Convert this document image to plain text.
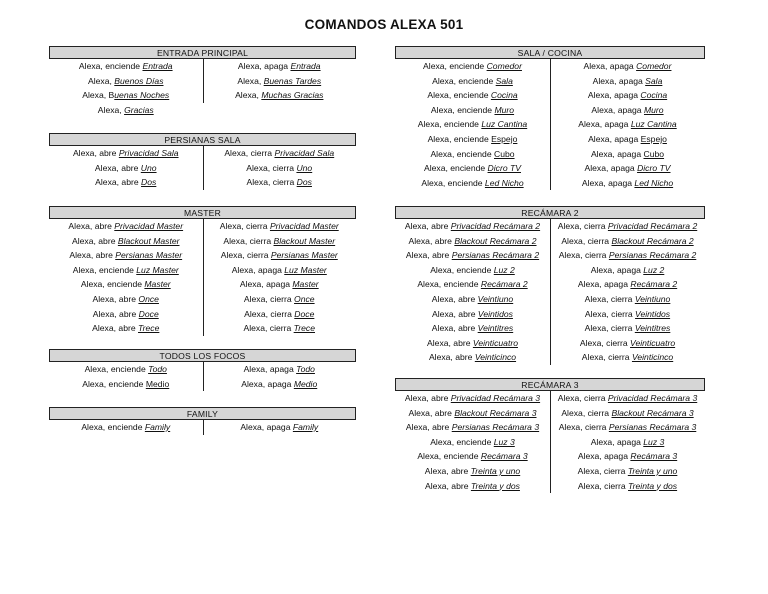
COMANDOS ALEXA 501
ENTRADA PRINCIPAL
Alexa, enciende Entrada
Alexa, Buenos Días
Alexa, Buenas Noches
Alexa, Gracias
Alexa, apaga Entrada
Alexa, Buenas Tardes
Alexa, Muchas Gracias
PERSIANAS SALA
Alexa, abre Privacidad Sala
Alexa, abre Uno
Alexa, abre Dos
Alexa, cierra Privacidad Sala
Alexa, cierra Uno
Alexa, cierra Dos
MASTER
Alexa, abre Privacidad Master
Alexa, abre Blackout Master
Alexa, abre Persianas Master
Alexa, enciende Luz Master
Alexa, enciende Master
Alexa, abre Once
Alexa, abre Doce
Alexa, abre Trece
Alexa, cierra Privacidad Master
Alexa, cierra Blackout Master
Alexa, cierra Persianas Master
Alexa, apaga Luz Master
Alexa, apaga Master
Alexa, cierra Once
Alexa, cierra Doce
Alexa, cierra Trece
TODOS LOS FOCOS
Alexa, enciende Todo
Alexa, enciende Medio
Alexa, apaga Todo
Alexa, apaga Medio
FAMILY
Alexa, enciende Family	Alexa, apaga Family
SALA / COCINA
Alexa, enciende Comedor
Alexa, enciende Sala
Alexa, enciende Cocina
Alexa, enciende Muro
Alexa, enciende Luz Cantina
Alexa, enciende Espejo
Alexa, enciende Cubo
Alexa, enciende Dicro TV
Alexa, enciende Led Nicho
Alexa, apaga Comedor
Alexa, apaga Sala
Alexa, apaga Cocina
Alexa, apaga Muro
Alexa, apaga Luz Cantina
Alexa, apaga Espejo
Alexa, apaga Cubo
Alexa, apaga Dicro TV
Alexa, apaga Led Nicho
RECÁMARA 2
Alexa, abre Privacidad Recámara 2
Alexa, abre Blackout Recámara 2
Alexa, abre Persianas Recámara 2
Alexa, enciende Luz 2
Alexa, enciende Recámara 2
Alexa, abre Veintiuno
Alexa, abre Veintidos
Alexa, abre Veintitres
Alexa, abre Veinticuatro
Alexa, abre Veinticinco
Alexa, cierra Privacidad Recámara 2
Alexa, cierra Blackout Recámara 2
Alexa, cierra Persianas Recámara 2
Alexa, apaga Luz 2
Alexa, apaga Recámara 2
Alexa, cierra Veintiuno
Alexa, cierra Veintidos
Alexa, cierra Veintitres
Alexa, cierra Veinticuatro
Alexa, cierra Veinticinco
RECÁMARA 3
Alexa, abre Privacidad Recámara 3
Alexa, abre Blackout Recámara 3
Alexa, abre Persianas Recámara 3
Alexa, enciende Luz 3
Alexa, enciende Recámara 3
Alexa, abre Treinta y uno
Alexa, abre Treinta y dos
Alexa, cierra Privacidad Recámara 3
Alexa, cierra Blackout Recámara 3
Alexa, cierra Persianas Recámara 3
Alexa, apaga Luz 3
Alexa, apaga Recámara 3
Alexa, cierra Treinta y uno
Alexa, cierra Treinta y dos
